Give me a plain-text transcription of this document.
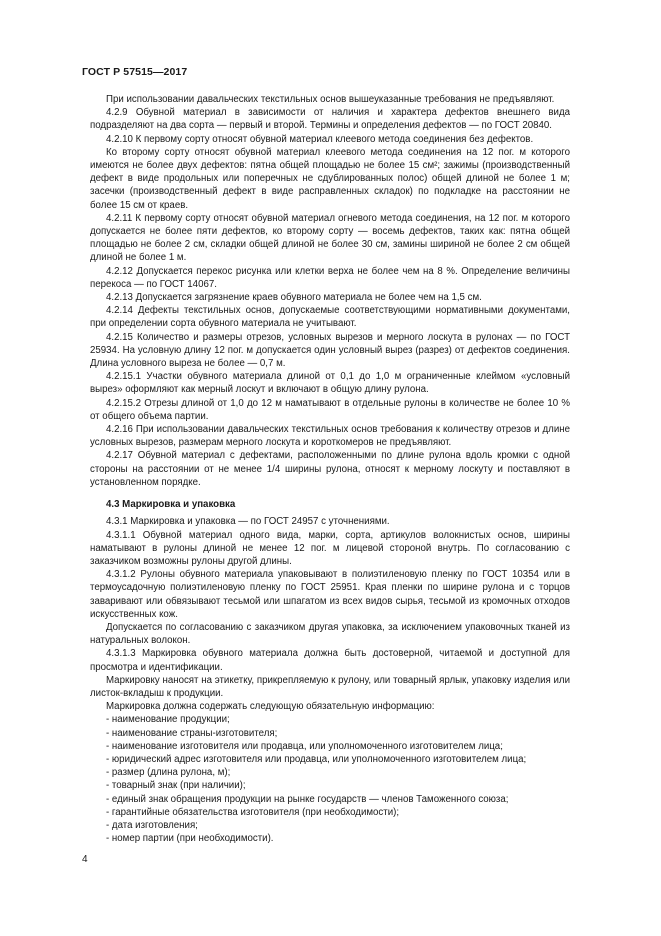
ГОСТ Р 57515—2017

При использовании давальческих текстильных основ вышеуказанные требования не предъявляют.

4.2.9 Обувной материал в зависимости от наличия и характера дефектов внешнего вида подразделяют на два сорта — первый и второй. Термины и определения дефектов — по ГОСТ 20840.

4.2.10 К первому сорту относят обувной материал клеевого метода соединения без дефектов.

Ко второму сорту относят обувной материал клеевого метода соединения на 12 пог. м которого имеются не более двух дефектов: пятна общей площадью не более 15 см²; зажимы (производственный дефект в виде продольных или поперечных не сдублированных полос) общей длиной не более 1 м; засечки (производственный дефект в виде расправленных складок) по подкладке на расстоянии не более 15 см от краев.

4.2.11 К первому сорту относят обувной материал огневого метода соединения, на 12 пог. м которого допускается не более пяти дефектов, ко второму сорту — восемь дефектов, таких как: пятна общей площадью не более 2 см, складки общей длиной не более 30 см, замины шириной не более 2 см общей длиной не более 1 м.

4.2.12 Допускается перекос рисунка или клетки верха не более чем на 8 %. Определение величины перекоса — по ГОСТ 14067.

4.2.13 Допускается загрязнение краев обувного материала не более чем на 1,5 см.

4.2.14 Дефекты текстильных основ, допускаемые соответствующими нормативными документами, при определении сорта обувного материала не учитывают.

4.2.15 Количество и размеры отрезов, условных вырезов и мерного лоскута в рулонах — по ГОСТ 25934. На условную длину 12 пог. м допускается один условный вырез (разрез) от дефектов соединения. Длина условного выреза не более — 0,7 м.

4.2.15.1 Участки обувного материала длиной от 0,1 до 1,0 м ограниченные клеймом «условный вырез» оформляют как мерный лоскут и включают в общую длину рулона.

4.2.15.2 Отрезы длиной от 1,0 до 12 м наматывают в отдельные рулоны в количестве не более 10 % от общего объема партии.

4.2.16 При использовании давальческих текстильных основ требования к количеству отрезов и длине условных вырезов, размерам мерного лоскута и короткомеров не предъявляют.

4.2.17 Обувной материал с дефектами, расположенными по длине рулона вдоль кромки с одной стороны на расстоянии от не менее 1/4 ширины рулона, относят к мерному лоскуту и поставляют в установленном порядке.

4.3 Маркировка и упаковка

4.3.1 Маркировка и упаковка — по ГОСТ 24957 с уточнениями.

4.3.1.1 Обувной материал одного вида, марки, сорта, артикулов волокнистых основ, ширины наматывают в рулоны длиной не менее 12 пог. м лицевой стороной внутрь. По согласованию с заказчиком возможны рулоны другой длины.

4.3.1.2 Рулоны обувного материала упаковывают в полиэтиленовую пленку по ГОСТ 10354 или в термоусадочную полиэтиленовую пленку по ГОСТ 25951. Края пленки по ширине рулона и с торцов заваривают или обвязывают тесьмой или шпагатом из всех видов сырья, тесьмой из кромочных отходов искусственных кож.

Допускается по согласованию с заказчиком другая упаковка, за исключением упаковочных тканей из натуральных волокон.

4.3.1.3 Маркировка обувного материала должна быть достоверной, читаемой и доступной для просмотра и идентификации.

Маркировку наносят на этикетку, прикрепляемую к рулону, или товарный ярлык, упаковку изделия или листок-вкладыш к продукции.

Маркировка должна содержать следующую обязательную информацию:

- наименование продукции;

- наименование страны-изготовителя;

- наименование изготовителя или продавца, или уполномоченного изготовителем лица;

- юридический адрес изготовителя или продавца, или уполномоченного изготовителем лица;

- размер (длина рулона, м);

- товарный знак (при наличии);

- единый знак обращения продукции на рынке государств — членов Таможенного союза;

- гарантийные обязательства изготовителя (при необходимости);

- дата изготовления;

- номер партии (при необходимости).

4
